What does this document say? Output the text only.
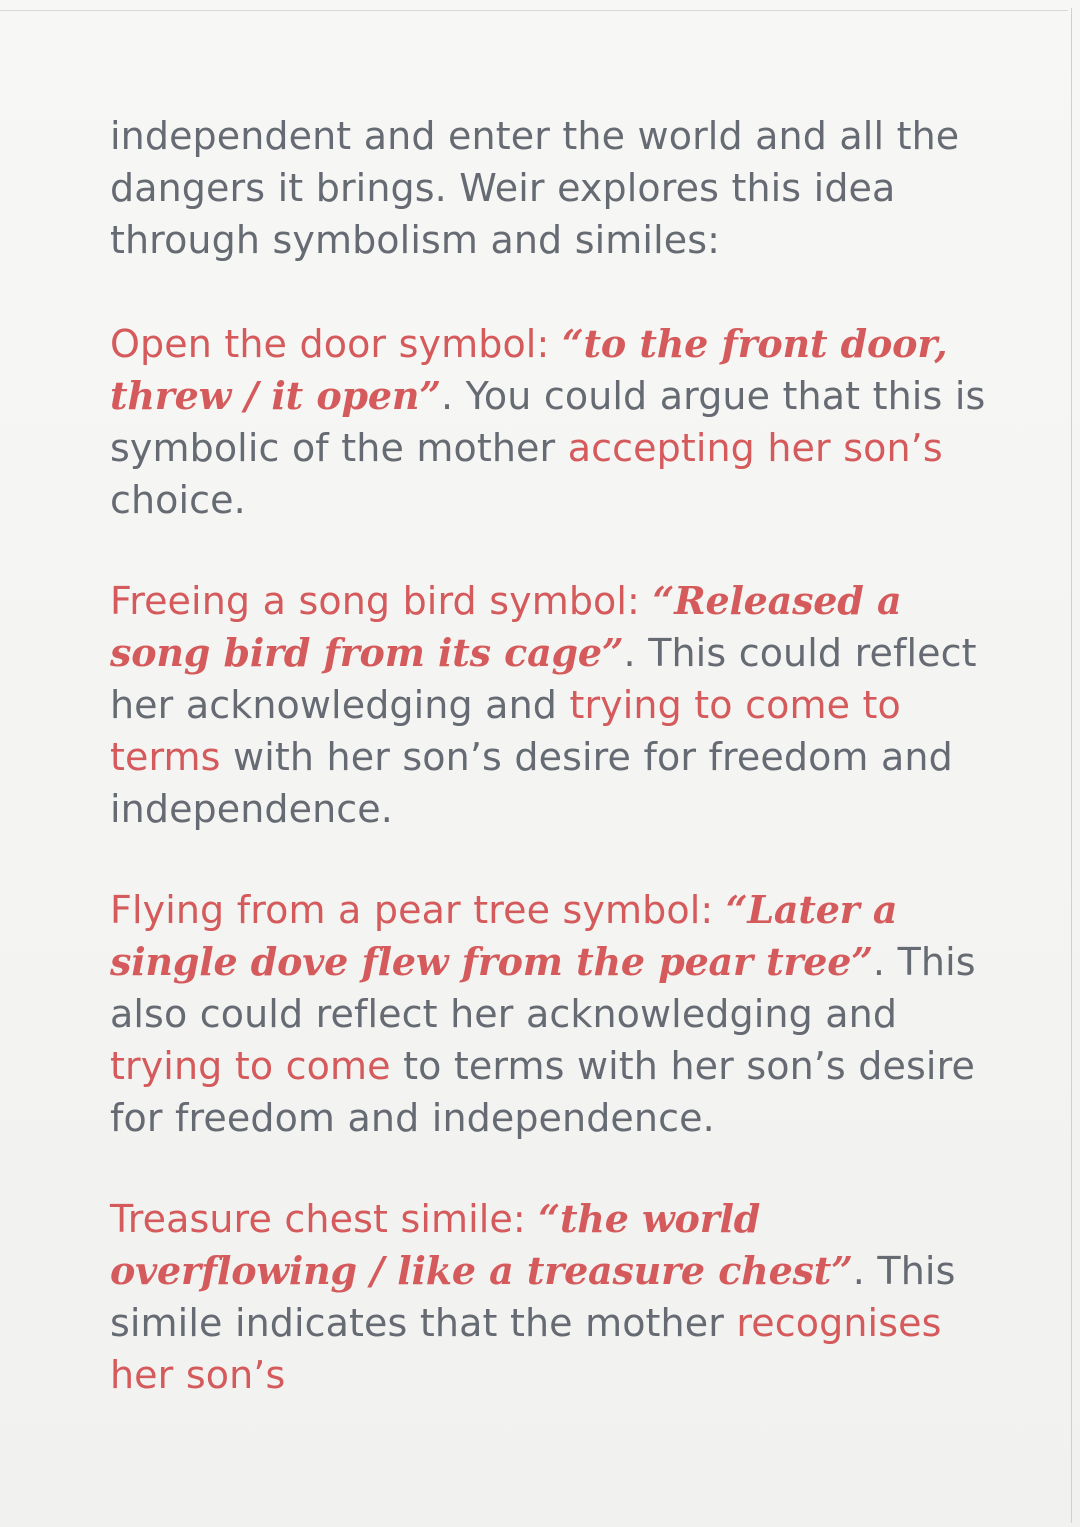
independent and enter the world and all the dangers it brings. Weir explores this idea through symbolism and similes:

Open the door symbol: “to the front door, threw / it open”. You could argue that this is symbolic of the mother accepting her son’s choice.

Freeing a song bird symbol: “Released a song bird from its cage”. This could reflect her acknowledging and trying to come to terms with her son’s desire for freedom and independence.

Flying from a pear tree symbol: “Later a single dove flew from the pear tree”. This also could reflect her acknowledging and trying to come to terms with her son’s desire for freedom and independence.

Treasure chest simile: “the world overflowing / like a treasure chest”. This simile indicates that the mother recognises her son’s
